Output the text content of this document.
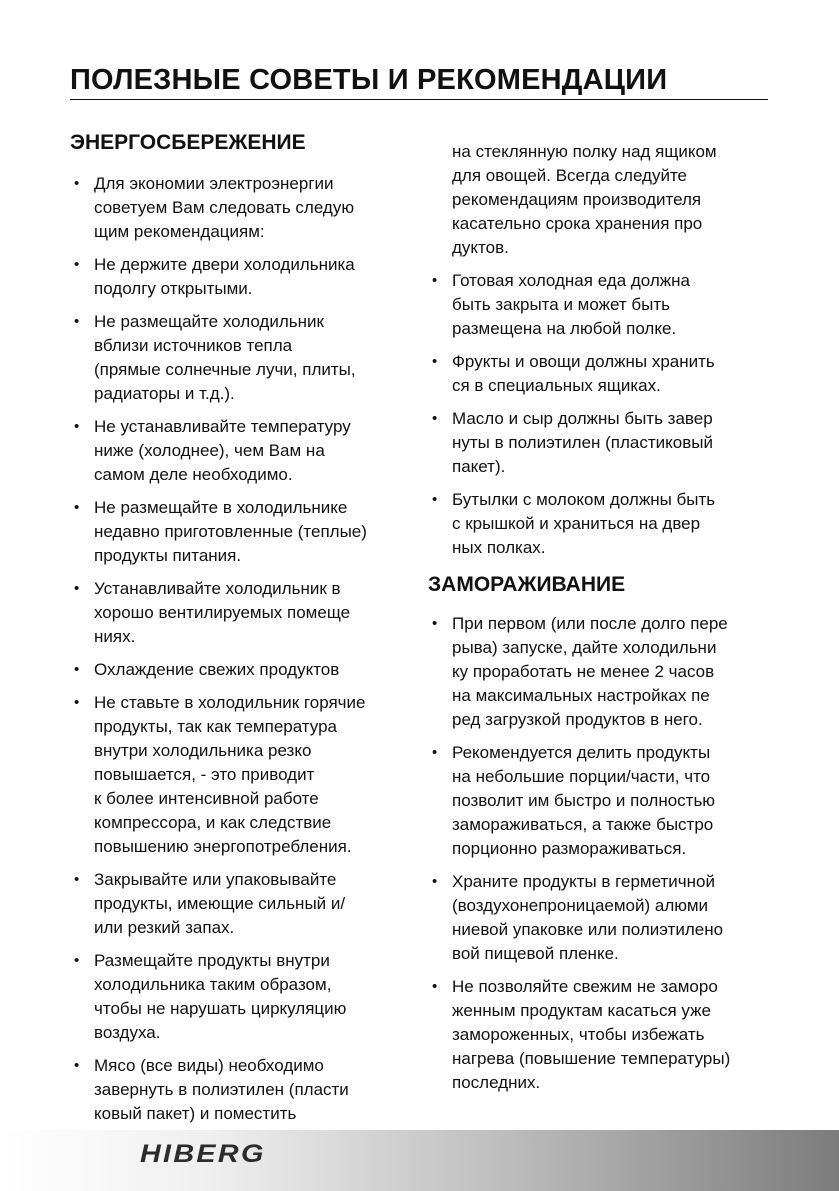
ПОЛЕЗНЫЕ СОВЕТЫ И РЕКОМЕНДАЦИИ
ЭНЕРГОСБЕРЕЖЕНИЕ
• Для экономии электроэнергии
советуем Вам следовать следую
щим рекомендациям:
• Не держите двери холодильника
подолгу открытыми.
• Не размещайте холодильник
вблизи источников тепла
(прямые солнечные лучи, плиты,
радиаторы и т.д.).
• Не устанавливайте температуру
ниже (холоднее), чем Вам на
самом деле необходимо.
• Не размещайте в холодильнике
недавно приготовленные (теплые)
продукты питания.
• Устанавливайте холодильник в
хорошо вентилируемых помеще
ниях.
• Охлаждение свежих продуктов
• Не ставьте в холодильник горячие
продукты, так как температура
внутри холодильника резко
повышается, - это приводит
к более интенсивной работе
компрессора, и как следствие
повышению энергопотребления.
• Закрывайте или упаковывайте
продукты, имеющие сильный и/
или резкий запах.
• Размещайте продукты внутри
холодильника таким образом,
чтобы не нарушать циркуляцию
воздуха.
• Мясо (все виды) необходимо
завернуть в полиэтилен (пласти
ковый пакет) и поместить
на стеклянную полку над ящиком
для овощей. Всегда следуйте
рекомендациям производителя
касательно срока хранения про
дуктов.
• Готовая холодная еда должна
быть закрыта и может быть
размещена на любой полке.
• Фрукты и овощи должны хранить
ся в специальных ящиках.
• Масло и сыр должны быть завер
нуты в полиэтилен (пластиковый
пакет).
• Бутылки с молоком должны быть
с крышкой и храниться на двер
ных полках.
ЗАМОРАЖИВАНИЕ
• При первом (или после долго пере
рыва) запуске, дайте холодильни
ку проработать не менее 2 часов
на максимальных настройках пе
ред загрузкой продуктов в него.
• Рекомендуется делить продукты
на небольшие порции/части, что
позволит им быстро и полностью
замораживаться, а также быстро
порционно размораживаться.
• Храните продукты в герметичной
(воздухонепроницаемой) алюми
ниевой упаковке или полиэтилено
вой пищевой пленке.
• Не позволяйте свежим не заморо
женным продуктам касаться уже
замороженных, чтобы избежать
нагрева (повышение температуры)
последних.
HIBERG
